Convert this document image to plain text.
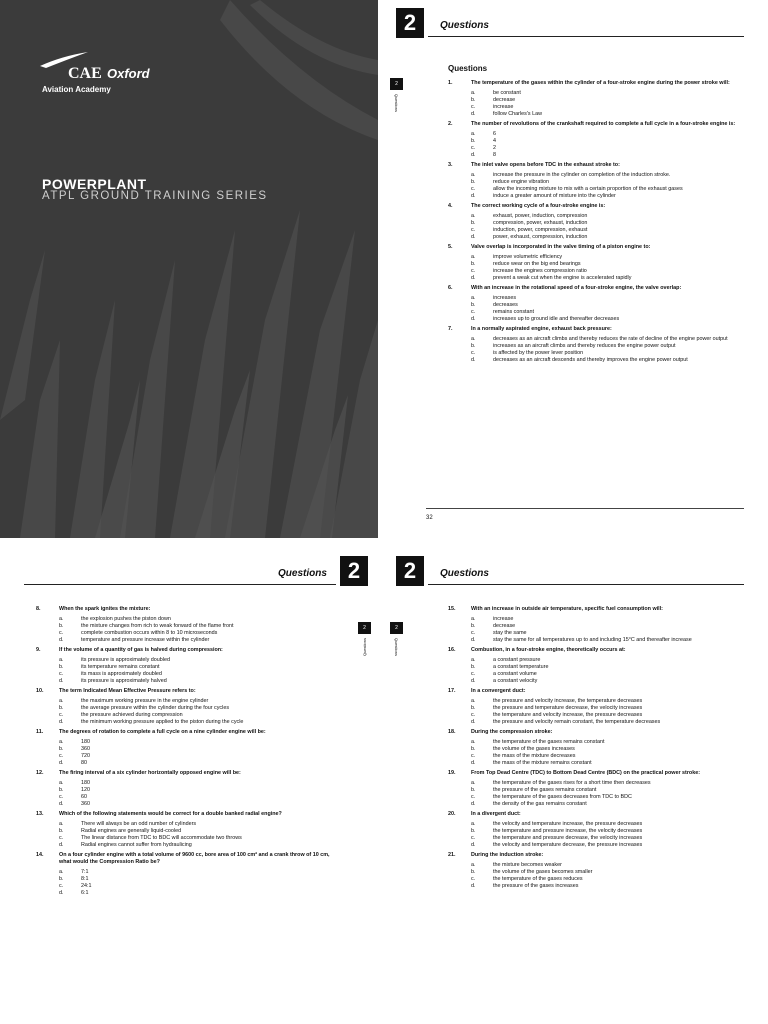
CAE Oxford
Aviation Academy
POWERPLANT
ATPL GROUND TRAINING SERIES
2	Questions
2
Questions
Questions
1.	The temperature of the gases within the cylinder of a four-stroke engine during the power stroke will:
a.	be constant
b.	decrease
c.	increase
d.	follow Charles's Law
2.	The number of revolutions of the crankshaft required to complete a full cycle in a four-stroke engine is:
a.	6
b.	4
c.	2
d.	8
3.	The inlet valve opens before TDC in the exhaust stroke to:
a.	increase the pressure in the cylinder on completion of the induction stroke.
b.	reduce engine vibration
c.	allow the incoming mixture to mix with a certain proportion of the exhaust gases
d.	induce a greater amount of mixture into the cylinder
4.	The correct working cycle of a four-stroke engine is:
a.	exhaust, power, induction, compression
b.	compression, power, exhaust, induction
c.	induction, power, compression, exhaust
d.	power, exhaust, compression, induction
5.	Valve overlap is incorporated in the valve timing of a piston engine to:
a.	improve volumetric efficiency
b.	reduce wear on the big end bearings
c.	increase the engines compression ratio
d.	prevent a weak cut when the engine is accelerated rapidly
6.	With an increase in the rotational speed of a four-stroke engine, the valve overlap:
a.	increases
b.	decreases
c.	remains constant
d.	increases up to ground idle and thereafter decreases
7.	In a normally aspirated engine, exhaust back pressure:
a.	decreases as an aircraft climbs and thereby reduces the rate of decline of the engine power output
b.	increases as an aircraft climbs and thereby reduces the engine power output
c.	is affected by the power lever position
d.	decreases as an aircraft descends and thereby improves the engine power output
32
Questions 2
2
Questions
8.	When the spark ignites the mixture:
a.	the explosion pushes the piston down
b.	the mixture changes from rich to weak forward of the flame front
c.	complete combustion occurs within 8 to 10 microseconds
d.	temperature and pressure increase within the cylinder
9.	If the volume of a quantity of gas is halved during compression:
a.	its pressure is approximately doubled
b.	its temperature remains constant
c.	its mass is approximately doubled
d.	its pressure is approximately halved
10.	The term Indicated Mean Effective Pressure refers to:
a.	the maximum working pressure in the engine cylinder
b.	the average pressure within the cylinder during the four cycles
c.	the pressure achieved during compression
d.	the minimum working pressure applied to the piston during the cycle
11.	The degrees of rotation to complete a full cycle on a nine cylinder engine will be:
a.	180
b.	360
c.	720
d.	80
12.	The firing interval of a six cylinder horizontally opposed engine will be:
a.	180
b.	120
c.	60
d.	360
13.	Which of the following statements would be correct for a double banked radial engine?
a.	There will always be an odd number of cylinders
b.	Radial engines are generally liquid-cooled
c.	The linear distance from TDC to BDC will accommodate two throws
d.	Radial engines cannot suffer from hydraulicing
14.	On a four cylinder engine with a total volume of 9600 cc, bore area of 100 cm² and a crank throw of 10 cm, what would the Compression Ratio be?
a.	7:1
b.	8:1
c.	24:1
d.	6:1
2	Questions
2
Questions
15.	With an increase in outside air temperature, specific fuel consumption will:
a.	increase
b.	decrease
c.	stay the same
d.	stay the same for all temperatures up to and including 15°C and thereafter increase
16.	Combustion, in a four-stroke engine, theoretically occurs at:
a.	a constant pressure
b.	a constant temperature
c.	a constant volume
d.	a constant velocity
17.	In a convergent duct:
a.	the pressure and velocity increase, the temperature decreases
b.	the pressure and temperature decrease, the velocity increases
c.	the temperature and velocity increase, the pressure decreases
d.	the pressure and velocity remain constant, the temperature decreases
18.	During the compression stroke:
a.	the temperature of the gases remains constant
b.	the volume of the gases increases
c.	the mass of the mixture decreases
d.	the mass of the mixture remains constant
19.	From Top Dead Centre (TDC) to Bottom Dead Centre (BDC) on the practical power stroke:
a.	the temperature of the gases rises for a short time then decreases
b.	the pressure of the gases remains constant
c.	the temperature of the gases decreases from TDC to BDC
d.	the density of the gas remains constant
20.	In a divergent duct:
a.	the velocity and temperature increase, the pressure decreases
b.	the temperature and pressure increase, the velocity decreases
c.	the temperature and pressure decrease, the velocity increases
d.	the velocity and temperature decrease, the pressure increases
21.	During the induction stroke:
a.	the mixture becomes weaker
b.	the volume of the gases becomes smaller
c.	the temperature of the gases reduces
d.	the pressure of the gases increases
